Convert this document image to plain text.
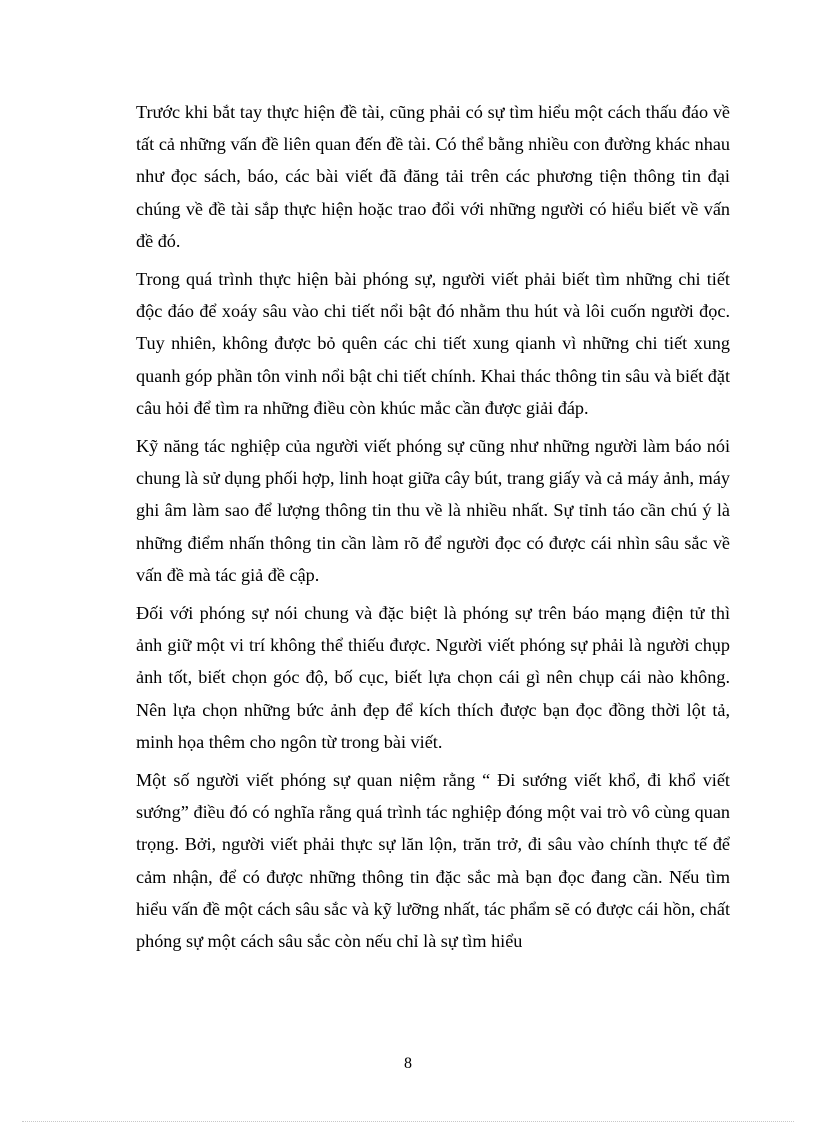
Trước khi bắt tay thực hiện đề tài, cũng phải có sự tìm hiểu một cách thấu đáo về tất cả những vấn đề liên quan đến đề tài. Có thể bằng nhiều con đường khác nhau như đọc sách, báo, các bài viết đã đăng tải trên các phương tiện thông tin đại chúng về đề tài sắp thực hiện hoặc trao đổi với những người có hiểu biết về vấn đề đó.

Trong quá trình thực hiện bài phóng sự, người viết phải biết tìm những chi tiết độc đáo để xoáy sâu vào chi tiết nổi bật đó nhằm thu hút và lôi cuốn người đọc. Tuy nhiên, không được bỏ quên các chi tiết xung qianh vì những chi tiết xung quanh góp phần tôn vinh nổi bật chi tiết chính. Khai thác thông tin sâu và biết đặt câu hỏi để tìm ra những điều còn khúc mắc cần được giải đáp.

Kỹ năng tác nghiệp của người viết phóng sự cũng như những người làm báo nói chung là sử dụng phối hợp, linh hoạt giữa cây bút, trang giấy và cả máy ảnh, máy ghi âm làm sao để lượng thông tin thu về là nhiều nhất. Sự tỉnh táo cần chú ý là những điểm nhấn thông tin cần làm rõ để người đọc có được cái nhìn sâu sắc về vấn đề mà tác giả đề cập.

Đối với phóng sự nói chung và đặc biệt là phóng sự trên báo mạng điện tử thì ảnh giữ một vi trí không thể thiếu được. Người viết phóng sự phải là người chụp ảnh tốt, biết chọn góc độ, bố cục, biết lựa chọn cái gì nên chụp cái nào không. Nên lựa chọn những bức ảnh đẹp để kích thích được bạn đọc đồng thời lột tả, minh họa thêm cho ngôn từ trong bài viết.

Một số người viết phóng sự quan niệm rằng “ Đi sướng viết khổ, đi khổ viết sướng” điều đó có nghĩa rằng quá trình tác nghiệp đóng một vai trò vô cùng quan trọng. Bởi, người viết phải thực sự lăn lộn, trăn trở, đi sâu vào chính thực tế để cảm nhận, để có được những thông tin đặc sắc mà bạn đọc đang cần. Nếu tìm hiểu vấn đề một cách sâu sắc và kỹ lưỡng nhất, tác phẩm sẽ có được cái hồn, chất phóng sự một cách sâu sắc còn nếu chỉ là sự tìm hiểu

8
